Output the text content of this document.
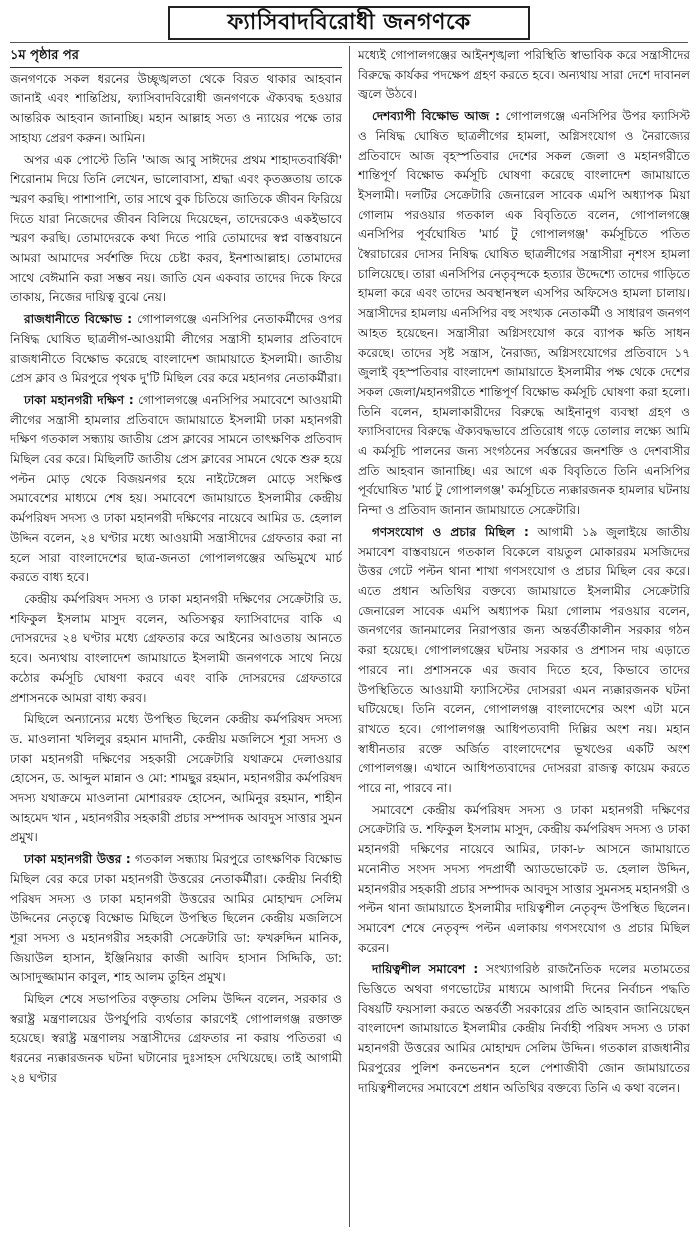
ফ্যাসিবাদবিরোধী জনগণকে

১ম পৃষ্ঠার পর

জনগণকে সকল ধরনের উচ্ছৃঙ্খলতা থেকে বিরত থাকার আহবান জানাই এবং শান্তিপ্রিয়, ফ্যাসিবাদবিরোধী জনগণকে ঐক্যবদ্ধ হওয়ার আন্তরিক আহবান জানাচ্ছি। মহান আল্লাহ সত্য ও ন্যায়ের পক্ষে তার সাহায্য প্রেরণ করুন। আমিন।

অপর এক পোস্টে তিনি 'আজ আবু সাঈদের প্রথম শাহাদতবার্ষিকী' শিরোনাম দিয়ে তিনি লেখেন, ভালোবাসা, শ্রদ্ধা এবং কৃতজ্ঞতায় তাকে স্মরণ করছি। পাশাপাশি, তার সাথে বুক চিতিয়ে জাতিকে জীবন ফিরিয়ে দিতে যারা নিজেদের জীবন বিলিয়ে দিয়েছেন, তাদেরকেও একইভাবে স্মরণ করছি। তোমাদেরকে কথা দিতে পারি তোমাদের স্বপ্ন বাস্তবায়নে আমরা আমাদের সর্বশক্তি দিয়ে চেষ্টা করব, ইনশাআল্লাহ। তোমাদের সাথে বেঈমানি করা সম্ভব নয়। জাতি যেন একবার তাদের দিকে ফিরে তাকায়, নিজের দায়িত্ব বুঝে নেয়।

রাজধানীতে বিক্ষোভ : গোপালগঞ্জে এনসিপির নেতাকর্মীদের ওপর নিষিদ্ধ ঘোষিত ছাত্রলীগ-আওয়ামী লীগের সন্ত্রাসী হামলার প্রতিবাদে রাজধানীতে বিক্ষোভ করেছে বাংলাদেশ জামায়াতে ইসলামী। জাতীয় প্রেস ক্লাব ও মিরপুরে পৃথক দু'টি মিছিল বের করে মহানগর নেতাকর্মীরা।

ঢাকা মহানগরী দক্ষিণ : গোপালগঞ্জে এনসিপির সমাবেশে আওয়ামী লীগের সন্ত্রাসী হামলার প্রতিবাদে জামায়াতে ইসলামী ঢাকা মহানগরী দক্ষিণ গতকাল সন্ধ্যায় জাতীয় প্রেস ক্লাবের সামনে তাৎক্ষণিক প্রতিবাদ মিছিল বের করে। মিছিলটি জাতীয় প্রেস ক্লাবের সামনে থেকে শুরু হয়ে পল্টন মোড় থেকে বিজয়নগর হয়ে নাইটেঙ্গেল মোড়ে সংক্ষিপ্ত সমাবেশের মাধ্যমে শেষ হয়। সমাবেশে জামায়াতে ইসলামীর কেন্দ্রীয় কর্মপরিষদ সদস্য ও ঢাকা মহানগরী দক্ষিণের নায়েবে আমির ড. হেলাল উদ্দিন বলেন, ২৪ ঘণ্টার মধ্যে আওয়ামী সন্ত্রাসীদের গ্রেফতার করা না হলে সারা বাংলাদেশের ছাত্র-জনতা গোপালগঞ্জের অভিমুখে মার্চ করতে বাধ্য হবে।

কেন্দ্রীয় কর্মপরিষদ সদস্য ও ঢাকা মহানগরী দক্ষিণের সেক্রেটারি ড. শফিকুল ইসলাম মাসুদ বলেন, অতিসত্বর ফ্যাসিবাদের বাকি এ দোসরদের ২৪ ঘণ্টার মধ্যে গ্রেফতার করে আইনের আওতায় আনতে হবে। অন্যথায় বাংলাদেশ জামায়াতে ইসলামী জনগণকে সাথে নিয়ে কঠোর কর্মসূচি ঘোষণা করবে এবং বাকি দোসরদের গ্রেফতারে প্রশাসনকে আমরা বাধ্য করব।

মিছিলে অন্যান্যের মধ্যে উপস্থিত ছিলেন কেন্দ্রীয় কর্মপরিষদ সদস্য ড. মাওলানা খলিলুর রহমান মাদানী, কেন্দ্রীয় মজলিসে শূরা সদস্য ও ঢাকা মহানগরী দক্ষিণের সহকারী সেক্রেটারি যথাক্রমে দেলাওয়ার হোসেন, ড. আব্দুল মান্নান ও মো: শামছুর রহমান, মহানগরীর কর্মপরিষদ সদস্য যথাক্রমে মাওলানা মোশাররফ হোসেন, আমিনুর রহমান, শাহীন আহমেদ খান , মহানগরীর সহকারী প্রচার সম্পাদক আবদুস সাত্তার সুমন প্রমুখ।

ঢাকা মহানগরী উত্তর : গতকাল সন্ধ্যায় মিরপুরে তাৎক্ষণিক বিক্ষোভ মিছিল বের করে ঢাকা মহানগরী উত্তরের নেতাকর্মীরা। কেন্দ্রীয় নির্বাহী পরিষদ সদস্য ও ঢাকা মহানগরী উত্তরের আমির মোহাম্মদ সেলিম উদ্দিনের নেতৃত্বে বিক্ষোভ মিছিলে উপস্থিত ছিলেন কেন্দ্রীয় মজলিসে শূরা সদস্য ও মহানগরীর সহকারী সেক্রেটারি ডা: ফখরুদ্দিন মানিক, জিয়াউল হাসান, ইঞ্জিনিয়ার কাজী আবিদ হাসান সিদ্দিকি, ডা: আসাদুজ্জামান কাবুল, শাহ আলম তুহিন প্রমুখ।

মিছিল শেষে সভাপতির বক্তৃতায় সেলিম উদ্দিন বলেন, সরকার ও স্বরাষ্ট্র মন্ত্রণালয়ের উপর্যুপরি ব্যর্থতার কারণেই গোপালগঞ্জ রক্তাক্ত হয়েছে। স্বরাষ্ট্র মন্ত্রণালয় সন্ত্রাসীদের গ্রেফতার না করায় পতিতরা এ ধরনের ন্যক্কারজনক ঘটনা ঘটানোর দুঃসাহস দেখিয়েছে। তাই আগামী ২৪ ঘণ্টার

মধ্যেই গোপালগঞ্জের আইনশৃঙ্খলা পরিস্থিতি স্বাভাবিক করে সন্ত্রাসীদের বিরুদ্ধে কার্যকর পদক্ষেপ গ্রহণ করতে হবে। অন্যথায় সারা দেশে দাবানল জ্বলে উঠবে।

দেশব্যাপী বিক্ষোভ আজ : গোপালগঞ্জে এনসিপির উপর ফ্যাসিস্ট ও নিষিদ্ধ ঘোষিত ছাত্রলীগের হামলা, অগ্নিসংযোগ ও নৈরাজ্যের প্রতিবাদে আজ বৃহস্পতিবার দেশের সকল জেলা ও মহানগরীতে শান্তিপূর্ণ বিক্ষোভ কর্মসূচি ঘোষণা করেছে বাংলাদেশ জামায়াতে ইসলামী। দলটির সেক্রেটারি জেনারেল সাবেক এমপি অধ্যাপক মিয়া গোলাম পরওয়ার গতকাল এক বিবৃতিতে বলেন, গোপালগঞ্জে এনসিপির পূর্বঘোষিত 'মার্চ টু গোপালগঞ্জ' কর্মসূচিতে পতিত স্বৈরাচারের দোসর নিষিদ্ধ ঘোষিত ছাত্রলীগের সন্ত্রাসীরা নৃশংস হামলা চালিয়েছে। তারা এনসিপির নেতৃবৃন্দকে হত্যার উদ্দেশ্যে তাদের গাড়িতে হামলা করে এবং তাদের অবস্থানস্থল এসপির অফিসেও হামলা চালায়। সন্ত্রাসীদের হামলায় এনসিপির বহু সংখ্যক নেতাকর্মী ও সাধারণ জনগণ আহত হয়েছেন। সন্ত্রাসীরা অগ্নিসংযোগ করে ব্যাপক ক্ষতি সাধন করেছে। তাদের সৃষ্ট সন্ত্রাস, নৈরাজ্য, অগ্নিসংযোগের প্রতিবাদে ১৭ জুলাই বৃহস্পতিবার বাংলাদেশ জামায়াতে ইসলামীর পক্ষ থেকে দেশের সকল জেলা/মহানগরীতে শান্তিপূর্ণ বিক্ষোভ কর্মসূচি ঘোষণা করা হলো। তিনি বলেন, হামলাকারীদের বিরুদ্ধে আইনানুগ ব্যবস্থা গ্রহণ ও ফ্যাসিবাদের বিরুদ্ধে ঐক্যবদ্ধভাবে প্রতিরোধ গড়ে তোলার লক্ষ্যে আমি এ কর্মসূচি পালনের জন্য সংগঠনের সর্বস্তরের জনশক্তি ও দেশবাসীর প্রতি আহবান জানাচ্ছি। এর আগে এক বিবৃতিতে তিনি এনসিপির পূর্বঘোষিত 'মার্চ টু গোপালগঞ্জ' কর্মসূচিতে ন্যক্কারজনক হামলার ঘটনায় নিন্দা ও প্রতিবাদ জানান জামায়াতে সেক্রেটারি।

গণসংযোগ ও প্রচার মিছিল : আগামী ১৯ জুলাইয়ে জাতীয় সমাবেশ বাস্তবায়নে গতকাল বিকেলে বায়তুল মোকাররম মসজিদের উত্তর গেটে পল্টন থানা শাখা গণসংযোগ ও প্রচার মিছিল বের করে। এতে প্রধান অতিথির বক্তব্যে জামায়াতে ইসলামীর সেক্রেটারি জেনারেল সাবেক এমপি অধ্যাপক মিয়া গোলাম পরওয়ার বলেন, জনগণের জানমালের নিরাপত্তার জন্য অন্তর্বর্তীকালীন সরকার গঠন করা হয়েছে। গোপালগঞ্জের ঘটনায় সরকার ও প্রশাসন দায় এড়াতে পারবে না। প্রশাসনকে এর জবাব দিতে হবে, কিভাবে তাদের উপস্থিতিতে আওয়ামী ফ্যাসিস্টের দোসররা এমন ন্যক্কারজনক ঘটনা ঘটিয়েছে। তিনি বলেন, গোপালগঞ্জ বাংলাদেশের অংশ এটা মনে রাখতে হবে। গোপালগঞ্জ আধিপত্যবাদী দিল্লির অংশ নয়। মহান স্বাধীনতার রক্তে অর্জিত বাংলাদেশের ভূখণ্ডের একটি অংশ গোপালগঞ্জ। এখানে আধিপত্যবাদের দোসররা রাজত্ব কায়েম করতে পারে না, পারবে না।

সমাবেশে কেন্দ্রীয় কর্মপরিষদ সদস্য ও ঢাকা মহানগরী দক্ষিণের সেক্রেটারি ড. শফিকুল ইসলাম মাসুদ, কেন্দ্রীয় কর্মপরিষদ সদস্য ও ঢাকা মহানগরী দক্ষিণের নায়েবে আমির, ঢাকা-৮ আসনে জামায়াতে মনোনীত সংসদ সদস্য পদপ্রার্থী অ্যাডভোকেট ড. হেলাল উদ্দিন, মহানগরীর সহকারী প্রচার সম্পাদক আবদুস সাত্তার সুমনসহ মহানগরী ও পল্টন থানা জামায়াতে ইসলামীর দায়িত্বশীল নেতৃবৃন্দ উপস্থিত ছিলেন। সমাবেশ শেষে নেতৃবৃন্দ পল্টন এলাকায় গণসংযোগ ও প্রচার মিছিল করেন।

দায়িত্বশীল সমাবেশ : সংখ্যাগরিষ্ঠ রাজনৈতিক দলের মতামতের ভিত্তিতে অথবা গণভোটের মাধ্যমে আগামী দিনের নির্বাচন পদ্ধতি বিষয়টি ফয়সালা করতে অন্তর্বর্তী সরকারের প্রতি আহবান জানিয়েছেন বাংলাদেশ জামায়াতে ইসলামীর কেন্দ্রীয় নির্বাহী পরিষদ সদস্য ও ঢাকা মহানগরী উত্তরের আমির মোহাম্মদ সেলিম উদ্দিন। গতকাল রাজধানীর মিরপুরের পুলিশ কনভেনশন হলে পেশাজীবী জোন জামায়াতের দায়িত্বশীলদের সমাবেশে প্রধান অতিথির বক্তব্যে তিনি এ কথা বলেন।
